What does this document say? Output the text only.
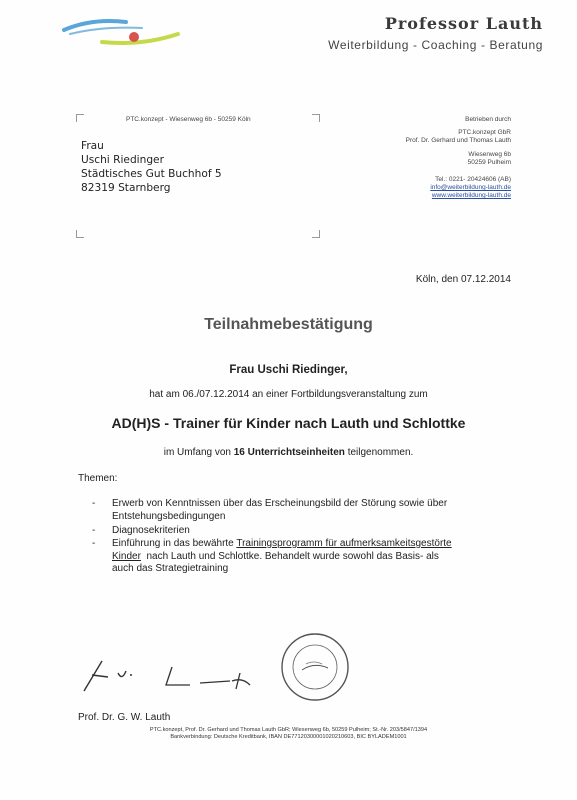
Professor Lauth
Weiterbildung - Coaching - Beratung
PTC.konzept - Wiesenweg 6b - 50259 Köln
Frau
Uschi Riedinger
Städtisches Gut Buchhof 5
82319 Starnberg
Betrieben durch
PTC.konzept GbR
Prof. Dr. Gerhard und Thomas Lauth
Wiesenweg 6b
50259 Pulheim
Tel.: 0221- 20424606 (AB)
info@weiterbildung-lauth.de
www.weiterbildung-lauth.de
Köln, den 07.12.2014
Teilnahmebestätigung
Frau Uschi Riedinger,
hat am 06./07.12.2014 an einer Fortbildungsveranstaltung zum
AD(H)S - Trainer für Kinder nach Lauth und Schlottke
im Umfang von 16 Unterrichtseinheiten teilgenommen.
Themen:
-	Erwerb von Kenntnissen über das Erscheinungsbild der Störung sowie über
Entstehungsbedingungen
-	Diagnosekriterien
-	Einführung in das bewährte Trainingsprogramm für aufmerksamkeitsgestörte
Kinder nach Lauth und Schlottke. Behandelt wurde sowohl das Basis- als
auch das Strategietraining
Prof. Dr. G. W. Lauth
PTC.konzept, Prof. Dr. Gerhard und Thomas Lauth GbR; Wiesenweg 6b, 50259 Pulheim; St.-Nr. 203/5847/1394
Bankverbindung: Deutsche Kreditbank, IBAN DE77120300001020210603, BIC BYLADEM1001
